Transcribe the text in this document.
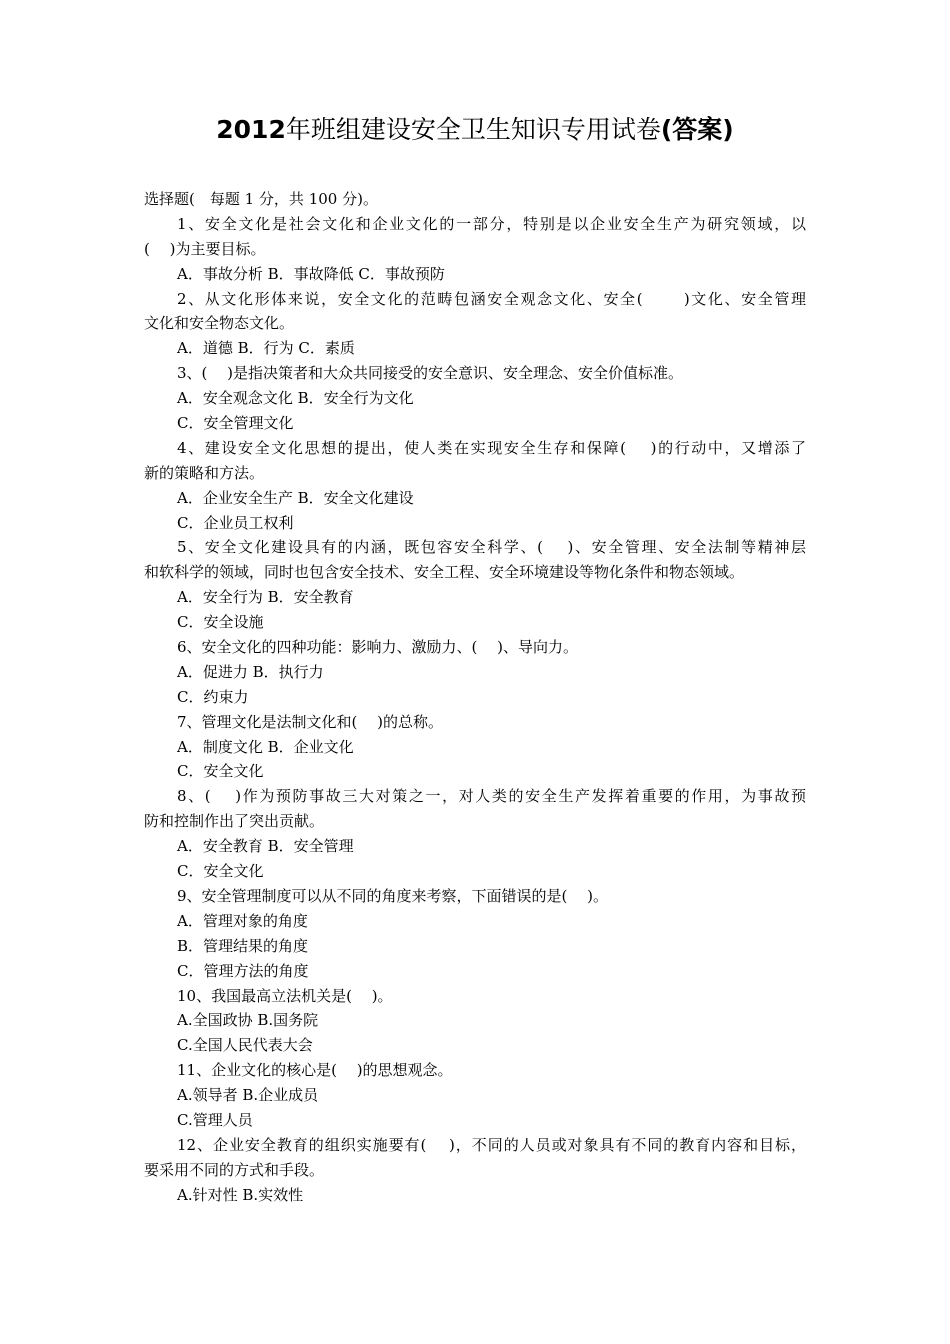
2012年班组建设安全卫生知识专用试卷(答案)
选择题(　每题 1 分，共 100 分)。
1、安全文化是社会文化和企业文化的一部分，特别是以企业安全生产为研究领域，以
(　 )为主要目标。
A．事故分析 B．事故降低 C．事故预防
2、从文化形体来说，安全文化的范畴包涵安全观念文化、安全(　　 )文化、安全管理
文化和安全物态文化。
A．道德 B．行为 C．素质
3、(　 )是指决策者和大众共同接受的安全意识、安全理念、安全价值标准。
A．安全观念文化 B．安全行为文化
C．安全管理文化
4、建设安全文化思想的提出，使人类在实现安全生存和保障(　 )的行动中，又增添了
新的策略和方法。
A．企业安全生产 B．安全文化建设
C．企业员工权利
5、安全文化建设具有的内涵，既包容安全科学、(　 )、安全管理、安全法制等精神层
和软科学的领域，同时也包含安全技术、安全工程、安全环境建设等物化条件和物态领域。
A．安全行为 B．安全教育
C．安全设施
6、安全文化的四种功能：影响力、激励力、(　 )、导向力。
A．促进力 B．执行力
C．约束力
7、管理文化是法制文化和(　 )的总称。
A．制度文化 B．企业文化
C．安全文化
8、(　 )作为预防事故三大对策之一，对人类的安全生产发挥着重要的作用，为事故预
防和控制作出了突出贡献。
A．安全教育 B．安全管理
C．安全文化
9、安全管理制度可以从不同的角度来考察，下面错误的是(　 )。
A．管理对象的角度
B．管理结果的角度
C．管理方法的角度
10、我国最高立法机关是(　 )。
A.全国政协 B.国务院
C.全国人民代表大会
11、企业文化的核心是(　 )的思想观念。
A.领导者 B.企业成员
C.管理人员
12、企业安全教育的组织实施要有(　 )，不同的人员或对象具有不同的教育内容和目标，
要采用不同的方式和手段。
A.针对性 B.实效性
